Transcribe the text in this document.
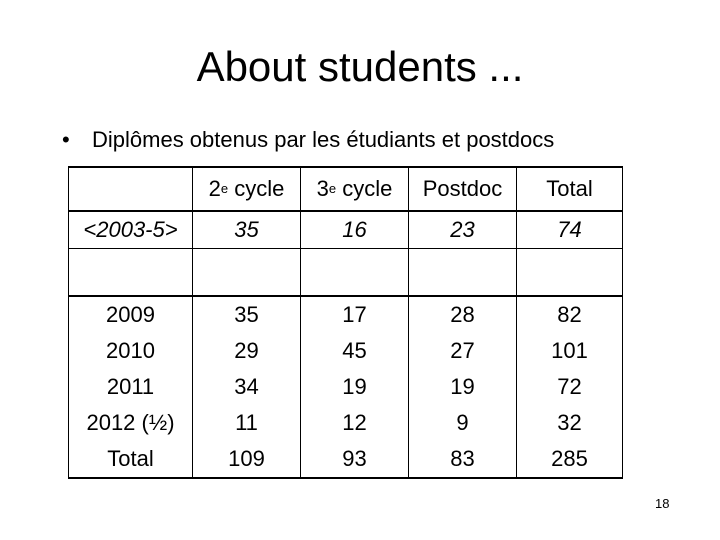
About students ...
• Diplômes obtenus par les étudiants et postdocs
	2e cycle	3e cycle	Postdoc	Total
<2003-5>	35	16	23	74

2009	35	17	28	82
2010	29	45	27	101
2011	34	19	19	72
2012 (½)	11	12	9	32
Total	109	93	83	285
18
